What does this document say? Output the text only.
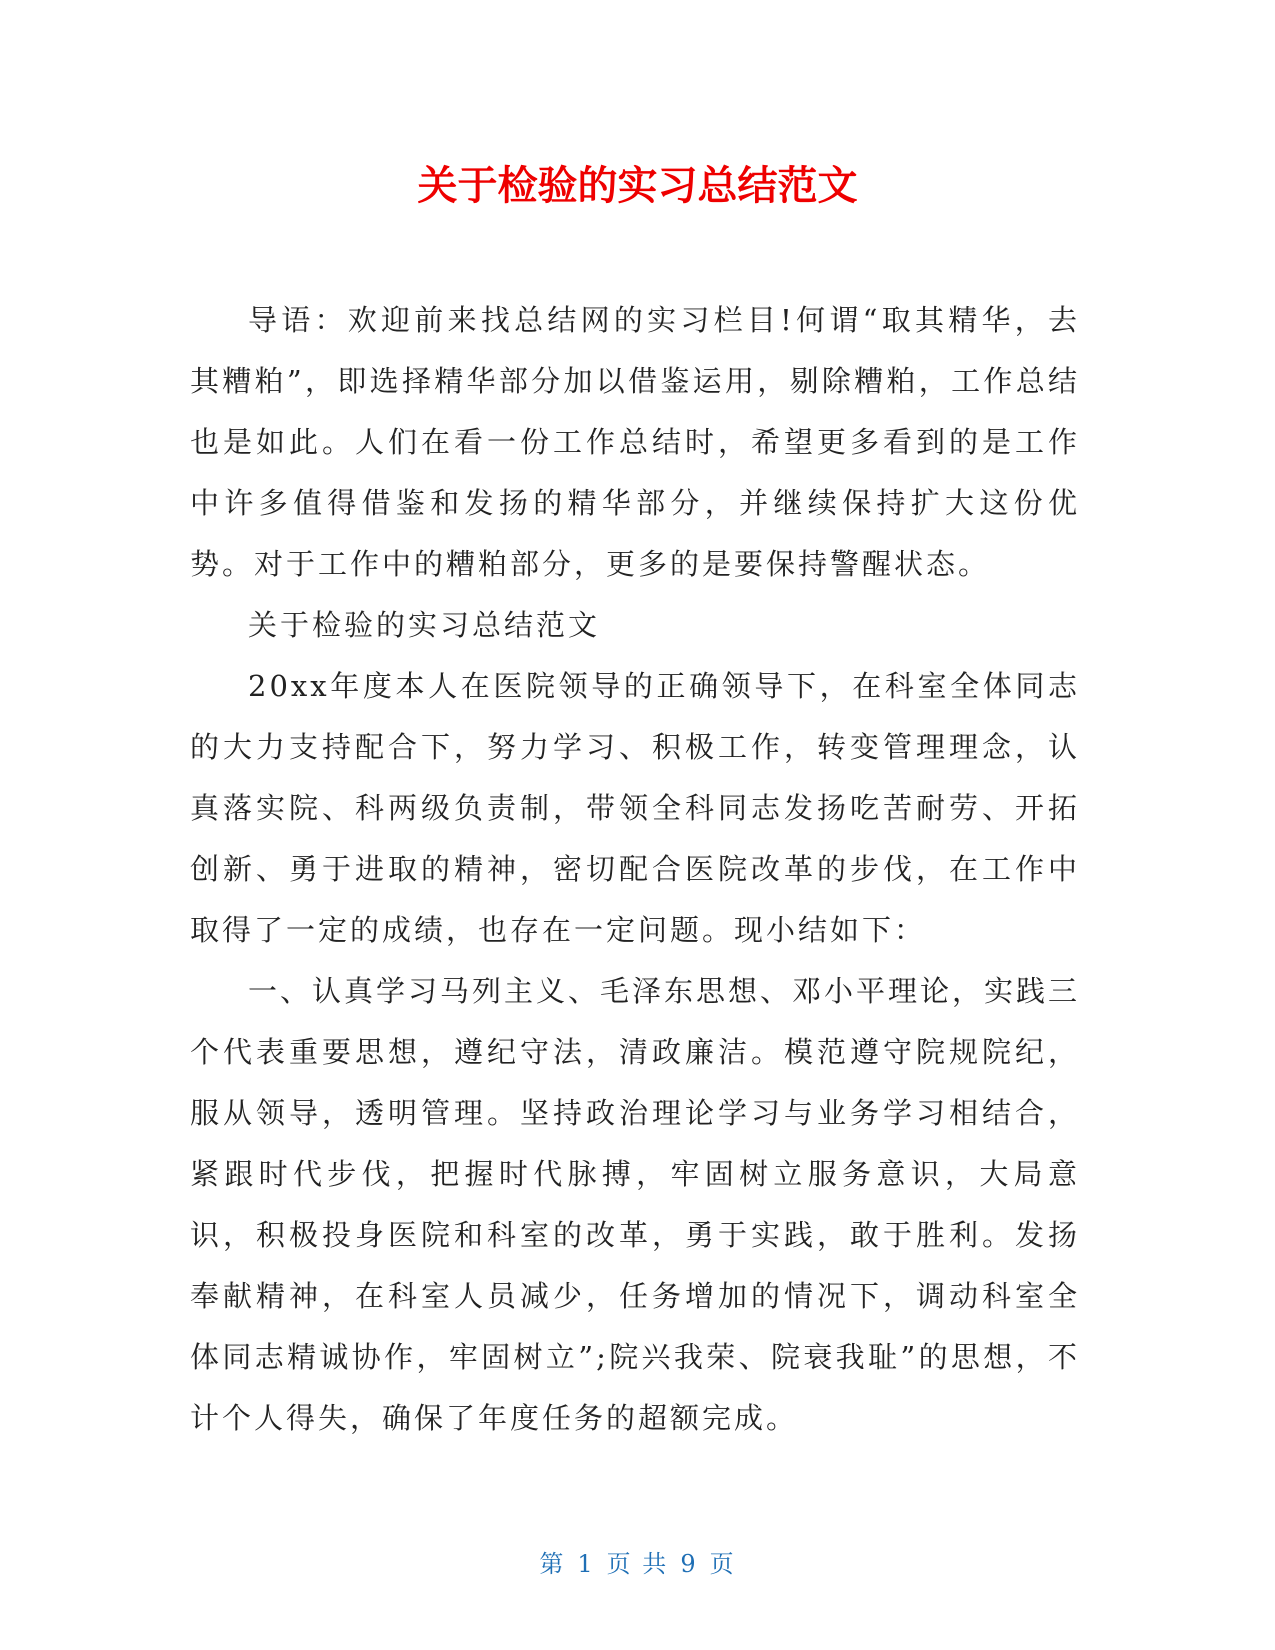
关于检验的实习总结范文

导语：欢迎前来找总结网的实习栏目!何谓“取其精华，去其糟粕”，即选择精华部分加以借鉴运用，剔除糟粕，工作总结也是如此。人们在看一份工作总结时，希望更多看到的是工作中许多值得借鉴和发扬的精华部分，并继续保持扩大这份优势。对于工作中的糟粕部分，更多的是要保持警醒状态。

关于检验的实习总结范文

20xx年度本人在医院领导的正确领导下，在科室全体同志的大力支持配合下，努力学习、积极工作，转变管理理念，认真落实院、科两级负责制，带领全科同志发扬吃苦耐劳、开拓创新、勇于进取的精神，密切配合医院改革的步伐，在工作中取得了一定的成绩，也存在一定问题。现小结如下：

一、认真学习马列主义、毛泽东思想、邓小平理论，实践三个代表重要思想，遵纪守法，清政廉洁。模范遵守院规院纪，服从领导，透明管理。坚持政治理论学习与业务学习相结合，紧跟时代步伐，把握时代脉搏，牢固树立服务意识，大局意识，积极投身医院和科室的改革，勇于实践，敢于胜利。发扬奉献精神，在科室人员减少，任务增加的情况下，调动科室全体同志精诚协作，牢固树立”;院兴我荣、院衰我耻”的思想，不计个人得失，确保了年度任务的超额完成。

第 1 页 共 9 页
